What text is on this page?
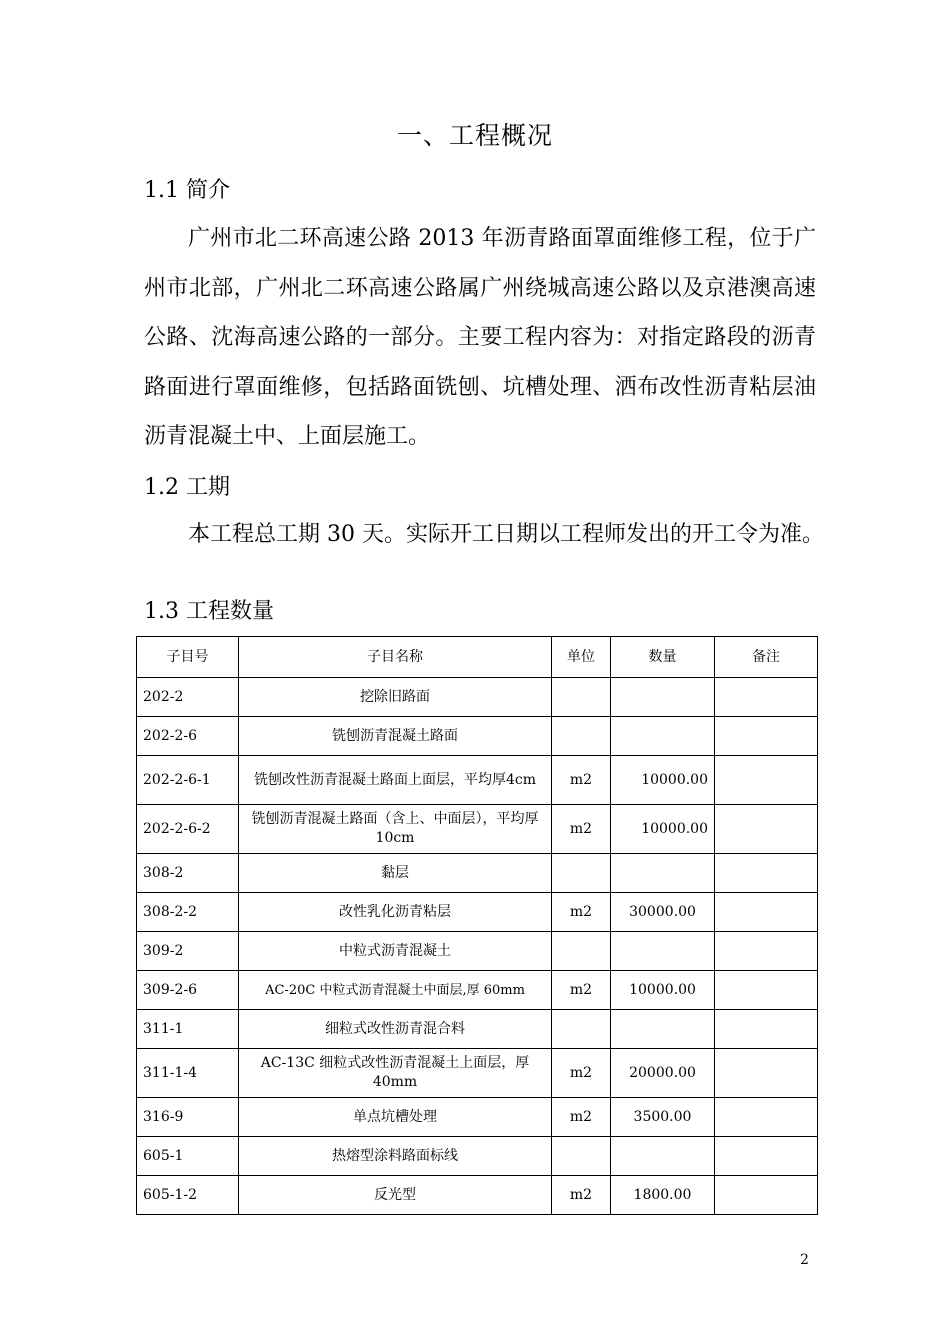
一、工程概况
1.1 简介
广州市北二环高速公路 2013 年沥青路面罩面维修工程，位于广州市北部，广州北二环高速公路属广州绕城高速公路以及京港澳高速公路、沈海高速公路的一部分。主要工程内容为：对指定路段的沥青路面进行罩面维修，包括路面铣刨、坑槽处理、洒布改性沥青粘层油沥青混凝土中、上面层施工。
1.2 工期
本工程总工期 30 天。实际开工日期以工程师发出的开工令为准。
1.3 工程数量
子目号	子目名称	单位	数量	备注
202-2	挖除旧路面			
202-2-6	铣刨沥青混凝土路面			
202-2-6-1	铣刨改性沥青混凝土路面上面层，平均厚4cm	m2	10000.00	
202-2-6-2	铣刨沥青混凝土路面（含上、中面层），平均厚 10cm	m2	10000.00	
308-2	黏层			
308-2-2	改性乳化沥青粘层	m2	30000.00	
309-2	中粒式沥青混凝土			
309-2-6	AC-20C 中粒式沥青混凝土中面层,厚 60mm	m2	10000.00	
311-1	细粒式改性沥青混合料			
311-1-4	AC-13C 细粒式改性沥青混凝土上面层，厚40mm	m2	20000.00	
316-9	单点坑槽处理	m2	3500.00	
605-1	热熔型涂料路面标线			
605-1-2	反光型	m2	1800.00	
2
